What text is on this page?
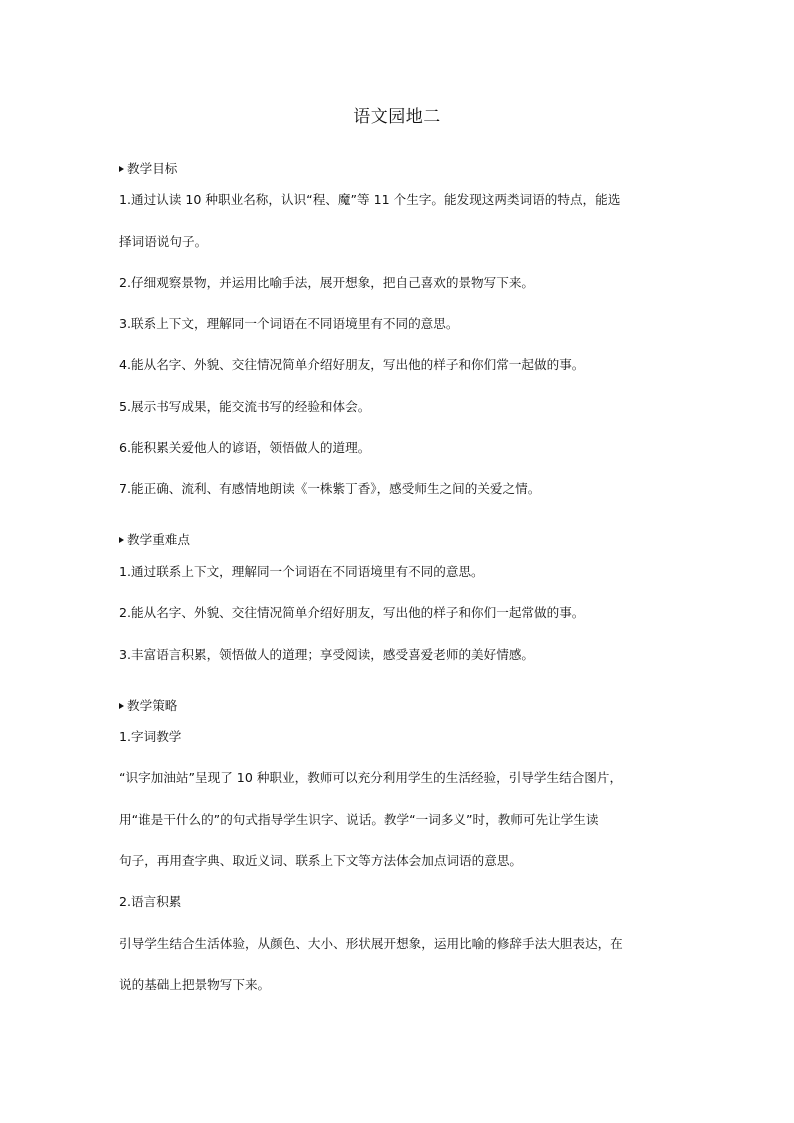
语文园地二
教学目标
1.通过认读 10 种职业名称，认识“程、魔”等 11 个生字。能发现这两类词语的特点，能选
择词语说句子。
2.仔细观察景物，并运用比喻手法，展开想象，把自己喜欢的景物写下来。
3.联系上下文，理解同一个词语在不同语境里有不同的意思。
4.能从名字、外貌、交往情况简单介绍好朋友，写出他的样子和你们常一起做的事。
5.展示书写成果，能交流书写的经验和体会。
6.能积累关爱他人的谚语，领悟做人的道理。
7.能正确、流利、有感情地朗读《一株紫丁香》，感受师生之间的关爱之情。
教学重难点
1.通过联系上下文，理解同一个词语在不同语境里有不同的意思。
2.能从名字、外貌、交往情况简单介绍好朋友，写出他的样子和你们一起常做的事。
3.丰富语言积累，领悟做人的道理；享受阅读，感受喜爱老师的美好情感。
教学策略
1.字词教学
“识字加油站”呈现了 10 种职业，教师可以充分利用学生的生活经验，引导学生结合图片，
用“谁是干什么的”的句式指导学生识字、说话。教学“一词多义”时，教师可先让学生读
句子，再用查字典、取近义词、联系上下文等方法体会加点词语的意思。
2.语言积累
引导学生结合生活体验，从颜色、大小、形状展开想象，运用比喻的修辞手法大胆表达，在
说的基础上把景物写下来。
